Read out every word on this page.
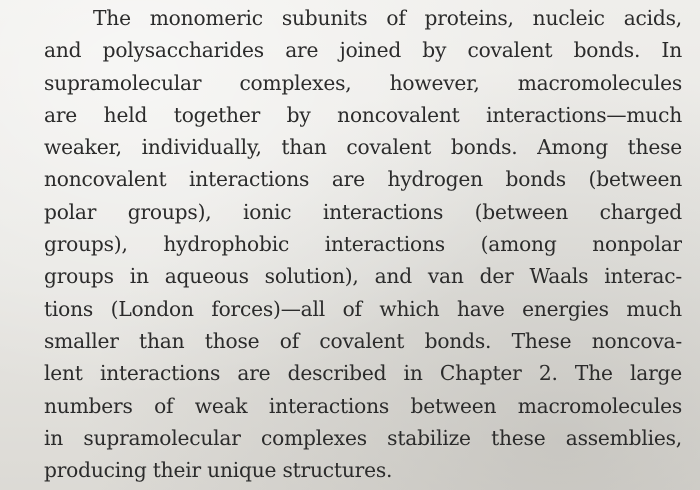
The monomeric subunits of proteins, nucleic acids,
and polysaccharides are joined by covalent bonds. In
supramolecular complexes, however, macromolecules
are held together by noncovalent interactions—much
weaker, individually, than covalent bonds. Among these
noncovalent interactions are hydrogen bonds (between
polar groups), ionic interactions (between charged
groups), hydrophobic interactions (among nonpolar
groups in aqueous solution), and van der Waals interac-
tions (London forces)—all of which have energies much
smaller than those of covalent bonds. These noncova-
lent interactions are described in Chapter 2. The large
numbers of weak interactions between macromolecules
in supramolecular complexes stabilize these assemblies,
producing their unique structures.
